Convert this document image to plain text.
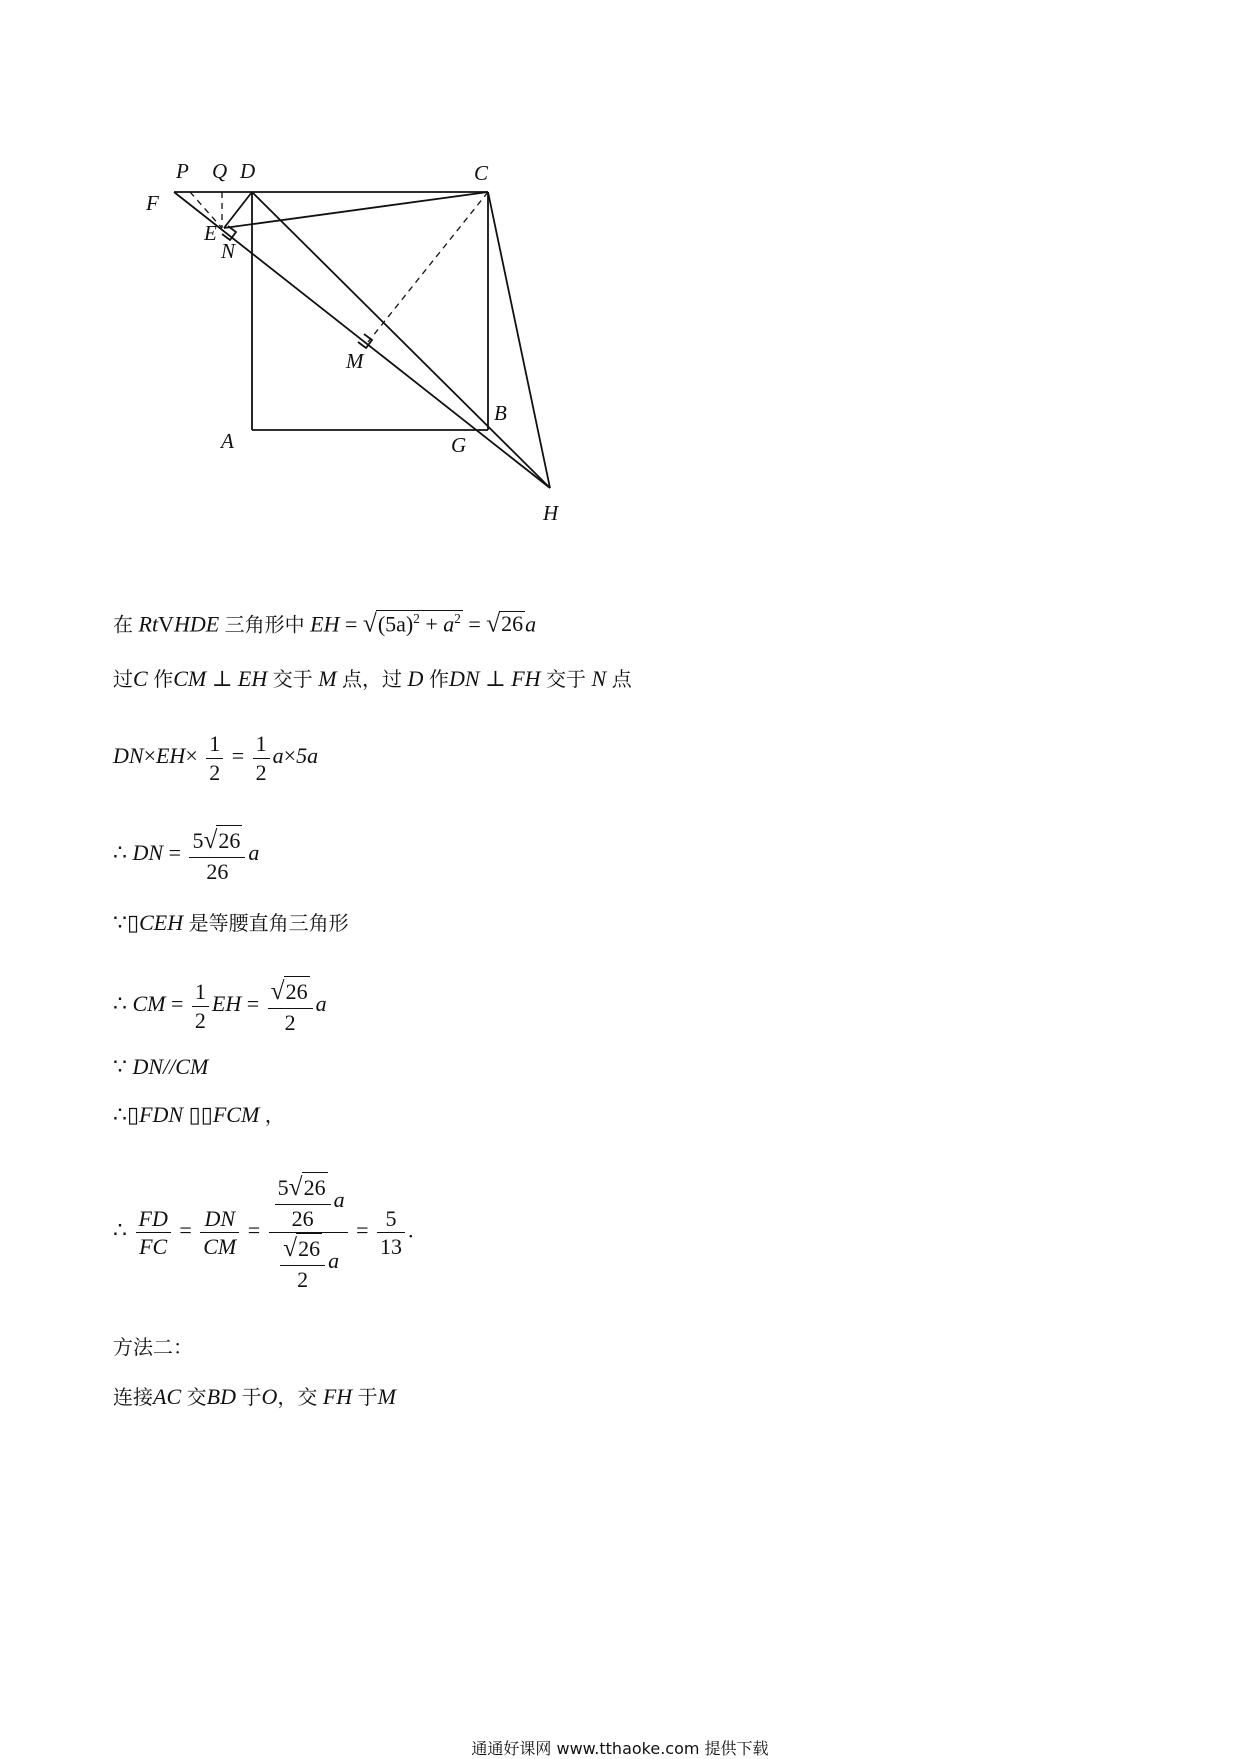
P Q D	C
F
E
N
M
A
B
G
H
在 RtVHDE 三角形中 EH = $√(5a)^2 + a^2 = √26a$
过C 作CM ⊥ EH 交于 M 点，过 D 作DN ⊥ FH 交于 N 点
$DN\times EH\times \frac{1}{2} = \frac{1}{2} a\times 5a$
∴ DN = $\frac{5√26}{26}$ a
∵▯CEH 是等腰直角三角形
∴ CM = $\frac{1}{2}$ EH = $\frac{√26}{2}$ a
∵ DN//CM
∴▯FDN ▯▯FCM ，
∴ $\frac{FD}{FC} = \frac{DN}{CM} = \frac{\frac{5√26}{26} a}{\frac{√26}{2} a} = \frac{5}{13}$ .
方法二：
连接AC 交BD 于O，交 FH 于M
通通好课网 www.tthaoke.com 提供下载
